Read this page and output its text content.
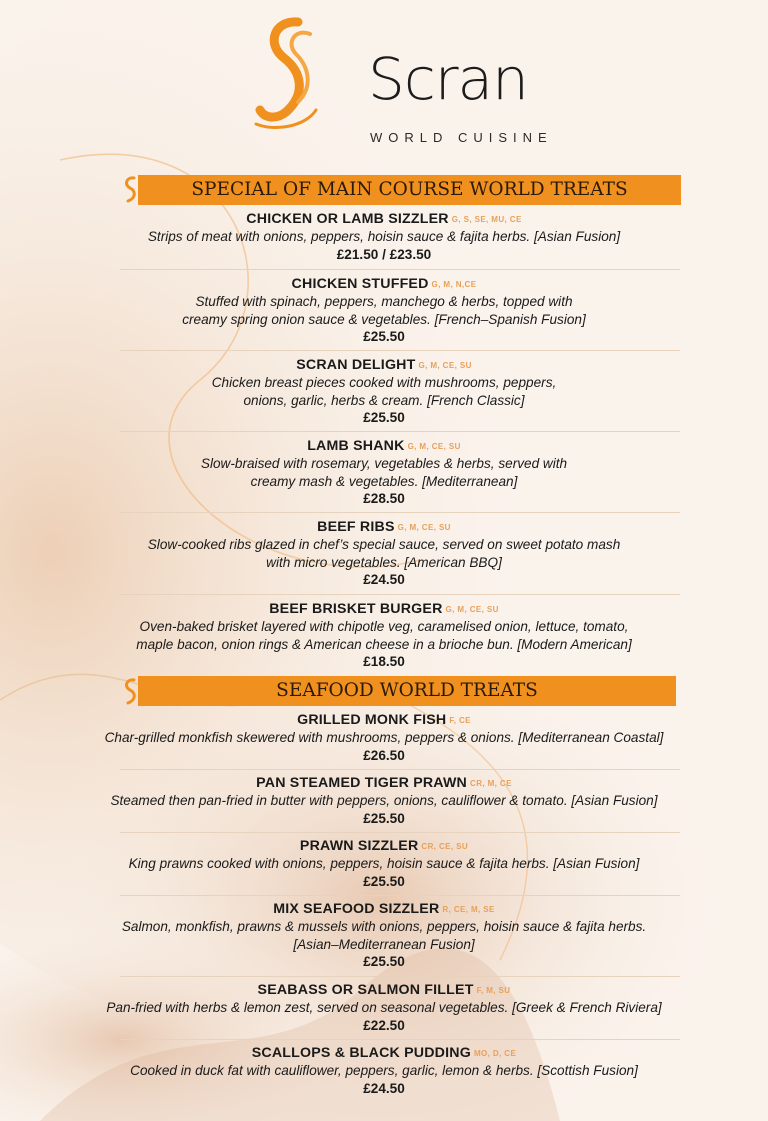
Scran
WORLD CUISINE
SPECIAL OF MAIN COURSE WORLD TREATS
CHICKEN OR LAMB SIZZLER G, S, SE, MU, CE
Strips of meat with onions, peppers, hoisin sauce & fajita herbs. [Asian Fusion]
£21.50 / £23.50
CHICKEN STUFFED G, M, N,CE
Stuffed with spinach, peppers, manchego & herbs, topped with
creamy spring onion sauce & vegetables. [French–Spanish Fusion]
£25.50
SCRAN DELIGHT G, M, CE, SU
Chicken breast pieces cooked with mushrooms, peppers,
onions, garlic, herbs & cream. [French Classic]
£25.50
LAMB SHANK G, M, CE, SU
Slow-braised with rosemary, vegetables & herbs, served with
creamy mash & vegetables. [Mediterranean]
£28.50
BEEF RIBS G, M, CE, SU
Slow-cooked ribs glazed in chef’s special sauce, served on sweet potato mash
with micro vegetables. [American BBQ]
£24.50
BEEF BRISKET BURGER G, M, CE, SU
Oven-baked brisket layered with chipotle veg, caramelised onion, lettuce, tomato,
maple bacon, onion rings & American cheese in a brioche bun. [Modern American]
£18.50
SEAFOOD WORLD TREATS
GRILLED MONK FISH F, CE
Char-grilled monkfish skewered with mushrooms, peppers & onions. [Mediterranean Coastal]
£26.50
PAN STEAMED TIGER PRAWN CR, M, CE
Steamed then pan-fried in butter with peppers, onions, cauliflower & tomato. [Asian Fusion]
£25.50
PRAWN SIZZLER CR, CE, SU
King prawns cooked with onions, peppers, hoisin sauce & fajita herbs. [Asian Fusion]
£25.50
MIX SEAFOOD SIZZLER R, CE, M, SE
Salmon, monkfish, prawns & mussels with onions, peppers, hoisin sauce & fajita herbs.
[Asian–Mediterranean Fusion]
£25.50
SEABASS OR SALMON FILLET F, M, SU
Pan-fried with herbs & lemon zest, served on seasonal vegetables. [Greek & French Riviera]
£22.50
SCALLOPS & BLACK PUDDING MO, D, CE
Cooked in duck fat with cauliflower, peppers, garlic, lemon & herbs. [Scottish Fusion]
£24.50
